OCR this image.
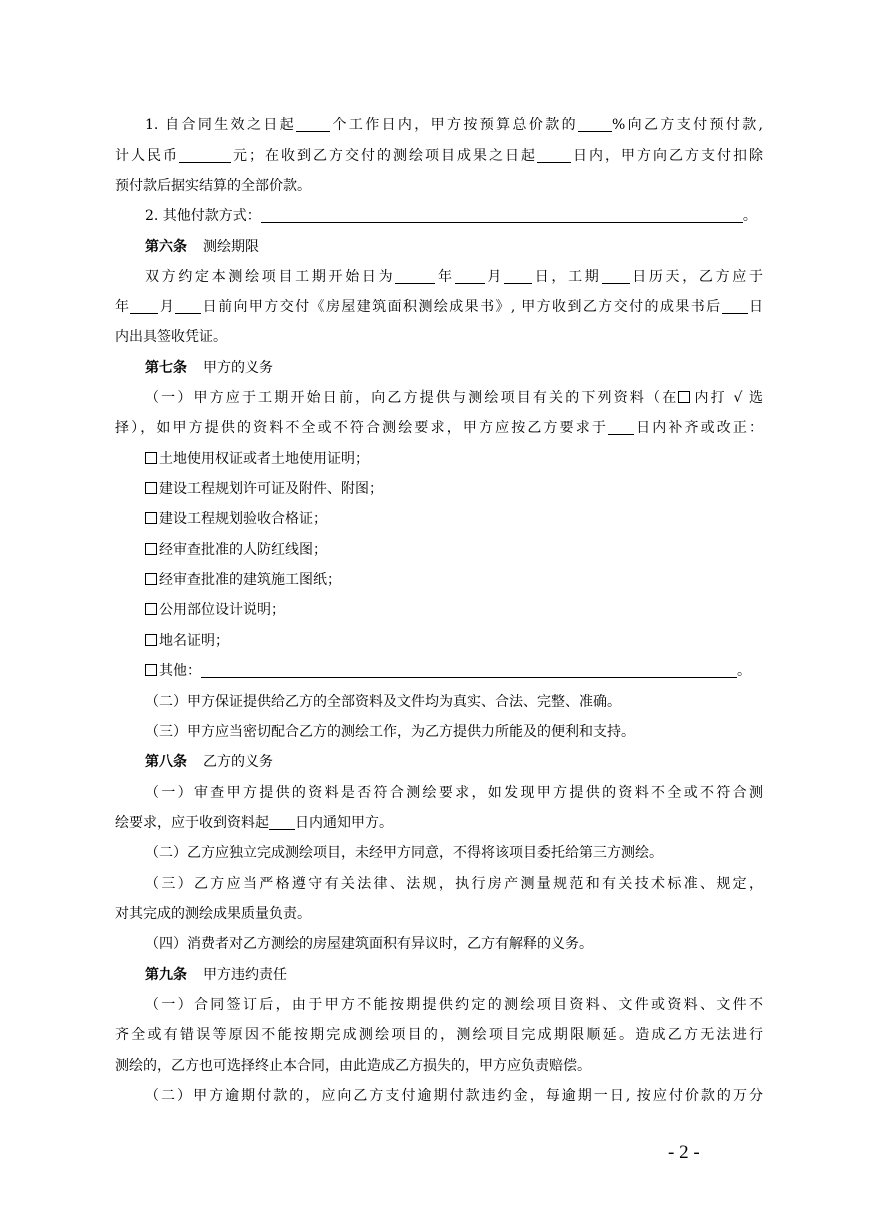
1. 自合同生效之日起 个工作日内，甲方按预算总价款的 %向乙方支付预付款,
计人民币	元；在收到乙方交付的测绘项目成果之日起 日内，甲方向乙方支付扣除
预付款后据实结算的全部价款。
2. 其他付款方式：	。
第六条 测绘期限
双方约定本测绘项目工期开始日为	年 月 日，工期 日历天，乙方应于
年 月 日前向甲方交付《房屋建筑面积测绘成果书》, 甲方收到乙方交付的成果书后 日
内出具签收凭证。
第七条 甲方的义务
（一）甲方应于工期开始日前，向乙方提供与测绘项目有关的下列资料（在 内打 √ 选
择），如甲方提供的资料不全或不符合测绘要求，甲方应按乙方要求于 日内补齐或改正：
土地使用权证或者土地使用证明；
建设工程规划许可证及附件、附图；
建设工程规划验收合格证；
经审查批准的人防红线图；
经审查批准的建筑施工图纸；
公用部位设计说明；
地名证明；
其他：	。
（二）甲方保证提供给乙方的全部资料及文件均为真实、合法、完整、准确。
（三）甲方应当密切配合乙方的测绘工作，为乙方提供力所能及的便利和支持。
第八条 乙方的义务
（一）审查甲方提供的资料是否符合测绘要求，如发现甲方提供的资料不全或不符合测
绘要求，应于收到资料起 日内通知甲方。
（二）乙方应独立完成测绘项目，未经甲方同意，不得将该项目委托给第三方测绘。
（三）乙方应当严格遵守有关法律、法规，执行房产测量规范和有关技术标准、规定，
对其完成的测绘成果质量负责。
（四）消费者对乙方测绘的房屋建筑面积有异议时，乙方有解释的义务。
第九条 甲方违约责任
（一）合同签订后，由于甲方不能按期提供约定的测绘项目资料、文件或资料、文件不
齐全或有错误等原因不能按期完成测绘项目的，测绘项目完成期限顺延。造成乙方无法进行
测绘的，乙方也可选择终止本合同，由此造成乙方损失的，甲方应负责赔偿。
（二）甲方逾期付款的，应向乙方支付逾期付款违约金，每逾期一日, 按应付价款的万分
- 2 -
